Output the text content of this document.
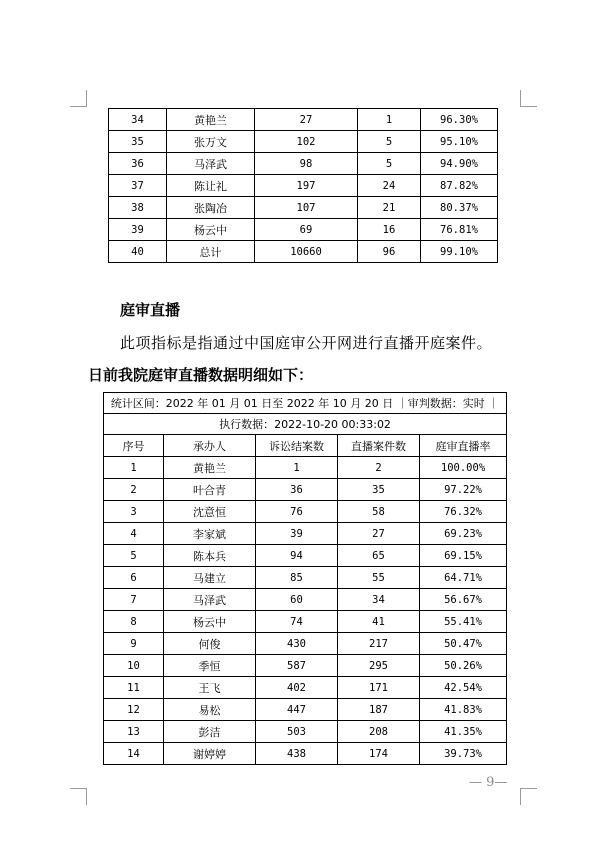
34	黄艳兰	27	1	96.30%
35	张万文	102	5	95.10%
36	马泽武	98	5	94.90%
37	陈让礼	197	24	87.82%
38	张陶冶	107	21	80.37%
39	杨云中	69	16	76.81%
40	总计	10660	96	99.10%
庭审直播
此项指标是指通过中国庭审公开网进行直播开庭案件。
日前我院庭审直播数据明细如下：
统计区间：2022 年 01 月 01 日至 2022 年 10 月 20 日 ｜审判数据：实时 ｜				
执行数据：2022-10-20 00:33:02				
序号	承办人	诉讼结案数	直播案件数	庭审直播率
1	黄艳兰	1	2	100.00%
2	叶合青	36	35	97.22%
3	沈意恒	76	58	76.32%
4	李家斌	39	27	69.23%
5	陈本兵	94	65	69.15%
6	马建立	85	55	64.71%
7	马泽武	60	34	56.67%
8	杨云中	74	41	55.41%
9	何俊	430	217	50.47%
10	季恒	587	295	50.26%
11	王飞	402	171	42.54%
12	易松	447	187	41.83%
13	彭洁	503	208	41.35%
14	谢婷婷	438	174	39.73%
— 9—
